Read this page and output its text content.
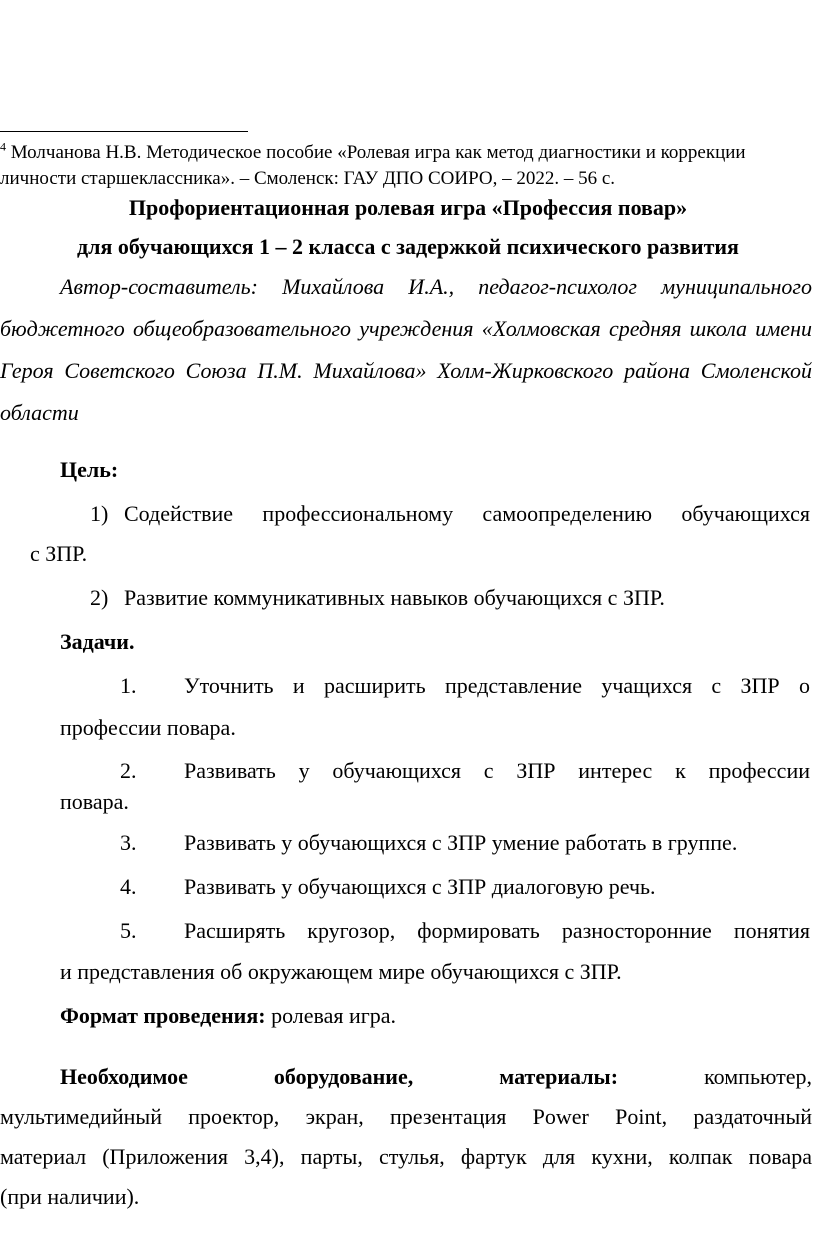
$^4$ Молчанова Н.В. Методическое пособие «Ролевая игра как метод диагностики и коррекции
личности старшеклассника». – Смоленск: ГАУ ДПО СОИРО, – 2022. – 56 с.
Профориентационная ролевая игра «Профессия повар»
для обучающихся 1 – 2 класса с задержкой психического развития
Автор-составитель: Михайлова И.А., педагог-психолог муниципального бюджетного общеобразовательного учреждения «Холмовская средняя школа имени Героя Советского Союза П.М. Михайлова» Холм-Жирковского района Смоленской области
Цель:
1) Содействие профессиональному самоопределению обучающихся
с ЗПР.
2) Развитие коммуникативных навыков обучающихся с ЗПР.
Задачи.
1. Уточнить и расширить представление учащихся с ЗПР о
профессии повара.
2. Развивать у обучающихся с ЗПР интерес к профессии
повара.
3. Развивать у обучающихся с ЗПР умение работать в группе.
4. Развивать у обучающихся с ЗПР диалоговую речь.
5. Расширять кругозор, формировать разносторонние понятия
и представления об окружающем мире обучающихся с ЗПР.
Формат проведения: ролевая игра.
Необходимое	оборудование,	материалы:	компьютер,
мультимедийный проектор, экран, презентация Power Point, раздаточный
материал (Приложения 3,4), парты, стулья, фартук для кухни, колпак повара
(при наличии).
